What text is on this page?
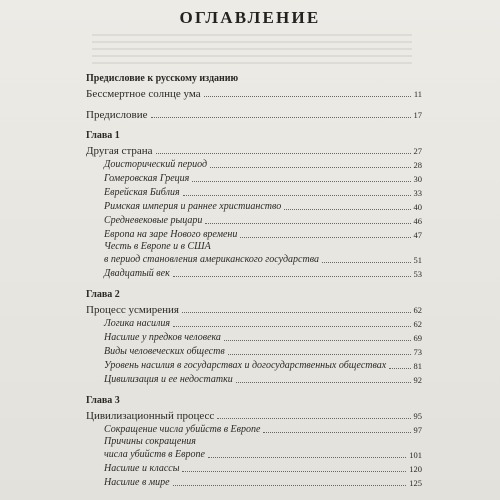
ОГЛАВЛЕНИЕ
Предисловие к русскому изданию
Бессмертное солнце ума	11
Предисловие	17
Глава 1
Другая страна	27
Доисторический период	28
Гомеровская Греция	30
Еврейская Библия	33
Римская империя и раннее христианство	40
Средневековые рыцари	46
Европа на заре Нового времени	47
Честь в Европе и в США
в период становления американского государства	51
Двадцатый век	53
Глава 2
Процесс усмирения	62
Логика насилия	62
Насилие у предков человека	69
Виды человеческих обществ	73
Уровень насилия в государствах и догосударственных обществах	81
Цивилизация и ее недостатки	92
Глава 3
Цивилизационный процесс	95
Сокращение числа убийств в Европе	97
Причины сокращения
числа убийств в Европе	101
Насилие и классы	120
Насилие в мире	125
